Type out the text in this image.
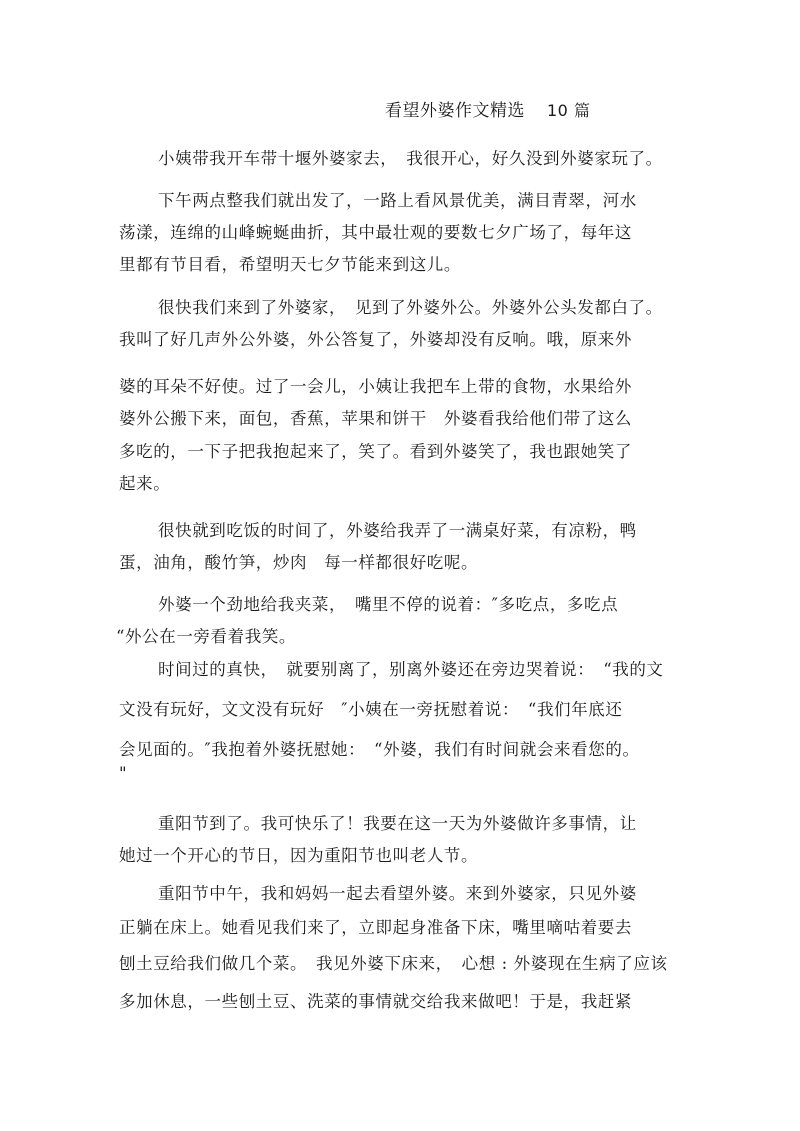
看望外婆作文精选 10 篇
小姨带我开车带十堰外婆家去，　我很开心，好久没到外婆家玩了。
下午两点整我们就出发了，一路上看风景优美，满目青翠，河水
荡漾，连绵的山峰蜿蜒曲折，其中最壮观的要数七夕广场了，每年这
里都有节目看，希望明天七夕节能来到这儿。
很快我们来到了外婆家，　见到了外婆外公。外婆外公头发都白了。
我叫了好几声外公外婆，外公答复了，外婆却没有反响。哦，原来外
婆的耳朵不好使。过了一会儿，小姨让我把车上带的食物，水果给外
婆外公搬下来，面包，香蕉，苹果和饼干　外婆看我给他们带了这么
多吃的，一下子把我抱起来了，笑了。看到外婆笑了，我也跟她笑了
起来。
很快就到吃饭的时间了，外婆给我弄了一满桌好菜，有凉粉，鸭
蛋，油角，酸竹笋，炒肉　每一样都很好吃呢。
外婆一个劲地给我夹菜，　嘴里不停的说着：″多吃点，多吃点
“外公在一旁看着我笑。
时间过的真快，　就要别离了，别离外婆还在旁边哭着说：　“我的文
文没有玩好，文文没有玩好　″小姨在一旁抚慰着说：　“我们年底还
会见面的。″我抱着外婆抚慰她：　“外婆，我们有时间就会来看您的。
"
重阳节到了。我可快乐了！我要在这一天为外婆做许多事情，让
她过一个开心的节日，因为重阳节也叫老人节。
重阳节中午，我和妈妈一起去看望外婆。来到外婆家，只见外婆
正躺在床上。她看见我们来了，立即起身准备下床，嘴里嘀咕着要去
刨土豆给我们做几个菜。　我见外婆下床来，　心想 : 外婆现在生病了应该
多加休息，一些刨土豆、洗菜的事情就交给我来做吧！于是，我赶紧
